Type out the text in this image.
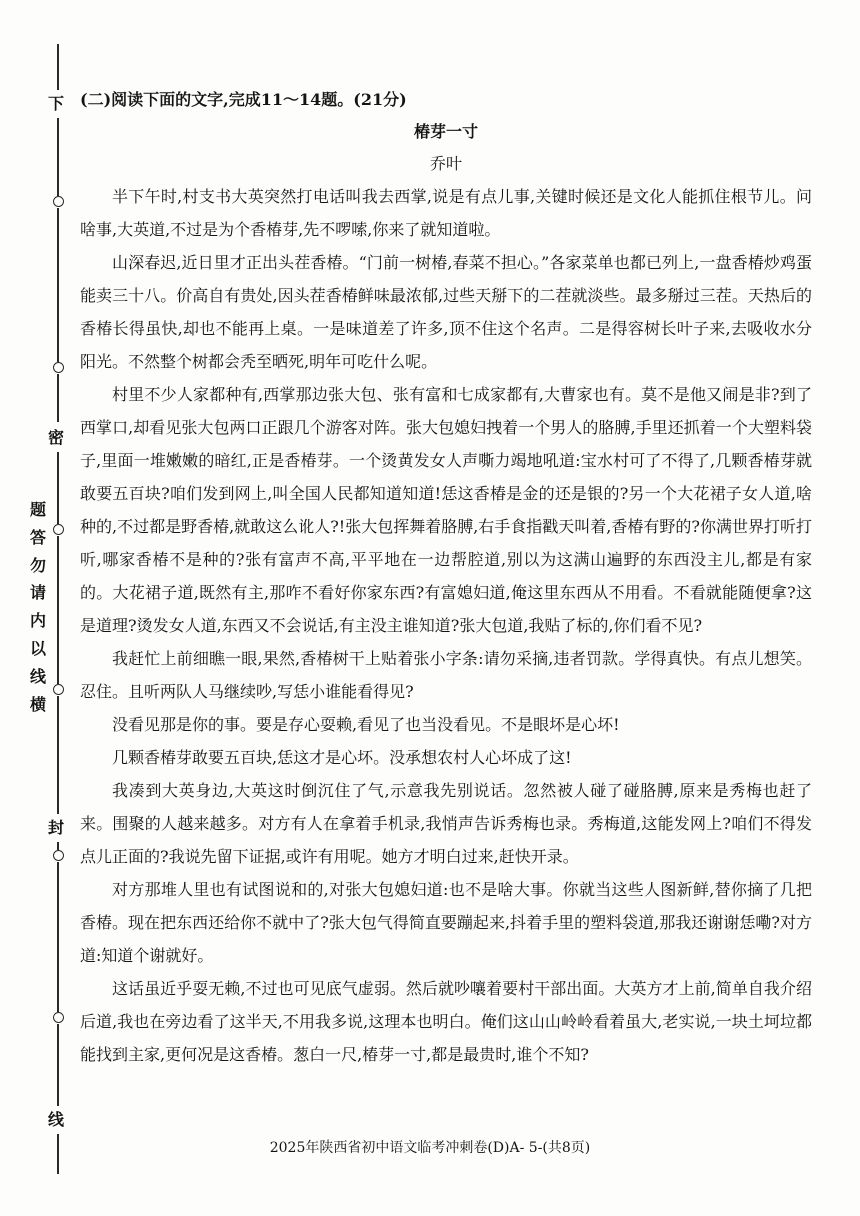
下
密
封
线
题
答
勿
请
内
以
线
横
(二)阅读下面的文字,完成11～14题。(21分)
椿芽一寸
乔叶

半下午时,村支书大英突然打电话叫我去西掌,说是有点儿事,关键时候还是文化人能抓住根节儿。问啥事,大英道,不过是为个香椿芽,先不啰嗦,你来了就知道啦。

山深春迟,近日里才正出头茬香椿。“门前一树椿,春菜不担心。”各家菜单也都已列上,一盘香椿炒鸡蛋能卖三十八。价高自有贵处,因头茬香椿鲜味最浓郁,过些天掰下的二茬就淡些。最多掰过三茬。天热后的香椿长得虽快,却也不能再上桌。一是味道差了许多,顶不住这个名声。二是得容树长叶子来,去吸收水分阳光。不然整个树都会秃至晒死,明年可吃什么呢。

村里不少人家都种有,西掌那边张大包、张有富和七成家都有,大曹家也有。莫不是他又闹是非?到了西掌口,却看见张大包两口正跟几个游客对阵。张大包媳妇拽着一个男人的胳膊,手里还抓着一个大塑料袋子,里面一堆嫩嫩的暗红,正是香椿芽。一个烫黄发女人声嘶力竭地吼道:宝水村可了不得了,几颗香椿芽就敢要五百块?咱们发到网上,叫全国人民都知道知道!恁这香椿是金的还是银的?另一个大花裙子女人道,啥种的,不过都是野香椿,就敢这么讹人?!张大包挥舞着胳膊,右手食指戳天叫着,香椿有野的?你满世界打听打听,哪家香椿不是种的?张有富声不高,平平地在一边帮腔道,别以为这满山遍野的东西没主儿,都是有家的。大花裙子道,既然有主,那咋不看好你家东西?有富媳妇道,俺这里东西从不用看。不看就能随便拿?这是道理?烫发女人道,东西又不会说话,有主没主谁知道?张大包道,我贴了标的,你们看不见?

我赶忙上前细瞧一眼,果然,香椿树干上贴着张小字条:请勿采摘,违者罚款。学得真快。有点儿想笑。忍住。且听两队人马继续吵,写恁小谁能看得见?

没看见那是你的事。要是存心耍赖,看见了也当没看见。不是眼坏是心坏!

几颗香椿芽敢要五百块,恁这才是心坏。没承想农村人心坏成了这!

我凑到大英身边,大英这时倒沉住了气,示意我先别说话。忽然被人碰了碰胳膊,原来是秀梅也赶了来。围聚的人越来越多。对方有人在拿着手机录,我悄声告诉秀梅也录。秀梅道,这能发网上?咱们不得发点儿正面的?我说先留下证据,或许有用呢。她方才明白过来,赶快开录。

对方那堆人里也有试图说和的,对张大包媳妇道:也不是啥大事。你就当这些人图新鲜,替你摘了几把香椿。现在把东西还给你不就中了?张大包气得简直要蹦起来,抖着手里的塑料袋道,那我还谢谢恁嘞?对方道:知道个谢就好。

这话虽近乎耍无赖,不过也可见底气虚弱。然后就吵嚷着要村干部出面。大英方才上前,简单自我介绍后道,我也在旁边看了这半天,不用我多说,这理本也明白。俺们这山山岭岭看着虽大,老实说,一块土坷垃都能找到主家,更何况是这香椿。葱白一尺,椿芽一寸,都是最贵时,谁个不知?

2025年陕西省初中语文临考冲刺卷(D)A- 5-(共8页)
